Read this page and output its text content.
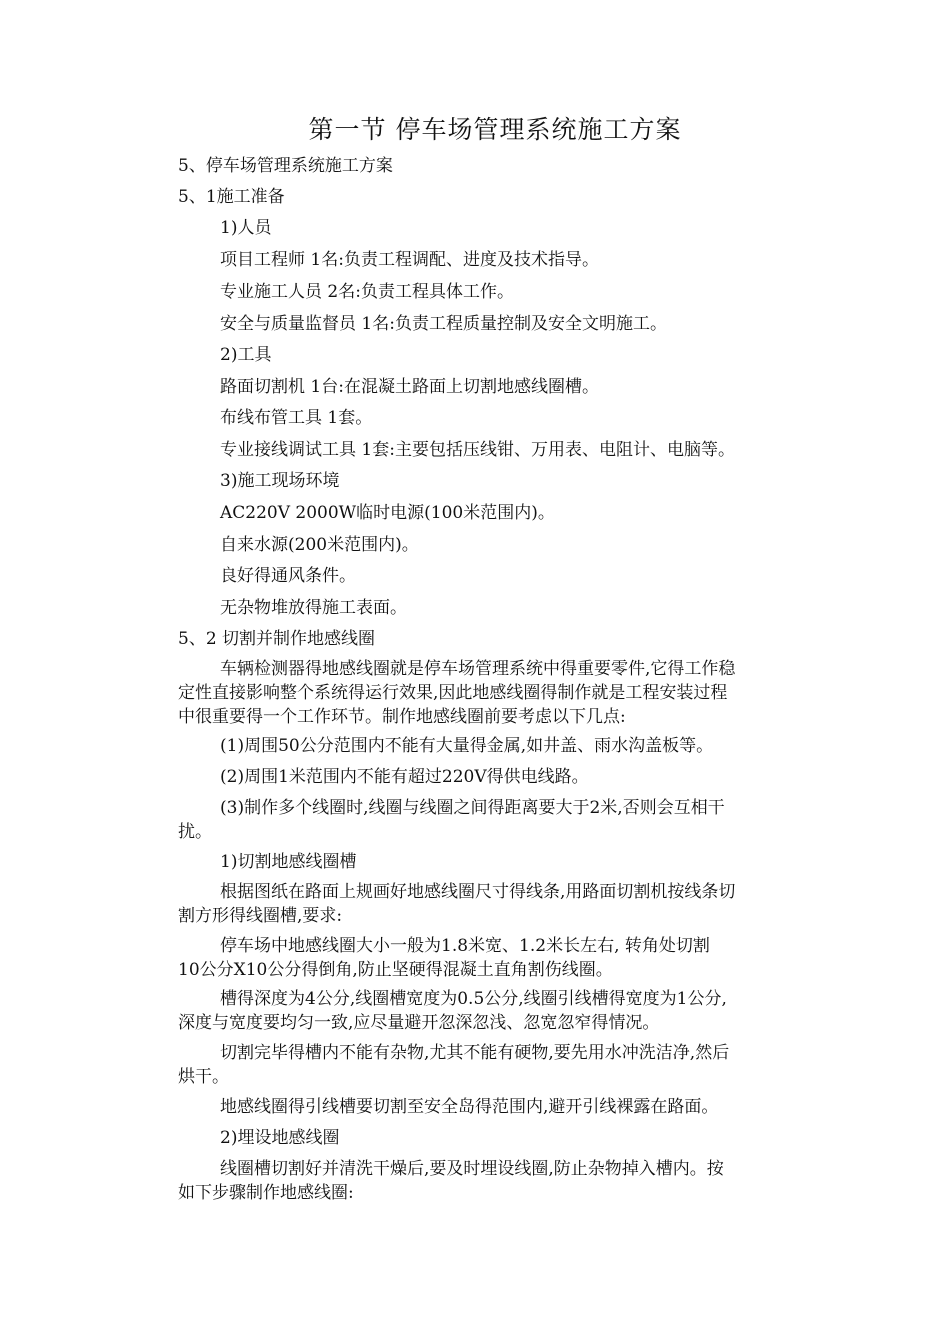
第一节 停车场管理系统施工方案
5、停车场管理系统施工方案
5、1施工准备
1)人员
项目工程师 1名:负责工程调配、进度及技术指导。
专业施工人员 2名:负责工程具体工作。
安全与质量监督员 1名:负责工程质量控制及安全文明施工。
2)工具
路面切割机 1台:在混凝土路面上切割地感线圈槽。
布线布管工具 1套。
专业接线调试工具 1套:主要包括压线钳、万用表、电阻计、电脑等。
3)施工现场环境
AC220V 2000W临时电源(100米范围内)。
自来水源(200米范围内)。
良好得通风条件。
无杂物堆放得施工表面。
5、2 切割并制作地感线圈
车辆检测器得地感线圈就是停车场管理系统中得重要零件,它得工作稳
定性直接影响整个系统得运行效果,因此地感线圈得制作就是工程安装过程
中很重要得一个工作环节。制作地感线圈前要考虑以下几点:
(1)周围50公分范围内不能有大量得金属,如井盖、雨水沟盖板等。
(2)周围1米范围内不能有超过220V得供电线路。
(3)制作多个线圈时,线圈与线圈之间得距离要大于2米,否则会互相干
扰。
1)切割地感线圈槽
根据图纸在路面上规画好地感线圈尺寸得线条,用路面切割机按线条切
割方形得线圈槽,要求:
停车场中地感线圈大小一般为1.8米宽、1.2米长左右, 转角处切割
10公分X10公分得倒角,防止坚硬得混凝土直角割伤线圈。
槽得深度为4公分,线圈槽宽度为0.5公分,线圈引线槽得宽度为1公分,
深度与宽度要均匀一致,应尽量避开忽深忽浅、忽宽忽窄得情况。
切割完毕得槽内不能有杂物,尤其不能有硬物,要先用水冲洗洁净,然后
烘干。
地感线圈得引线槽要切割至安全岛得范围内,避开引线裸露在路面。
2)埋设地感线圈
线圈槽切割好并清洗干燥后,要及时埋设线圈,防止杂物掉入槽内。按
如下步骤制作地感线圈:
